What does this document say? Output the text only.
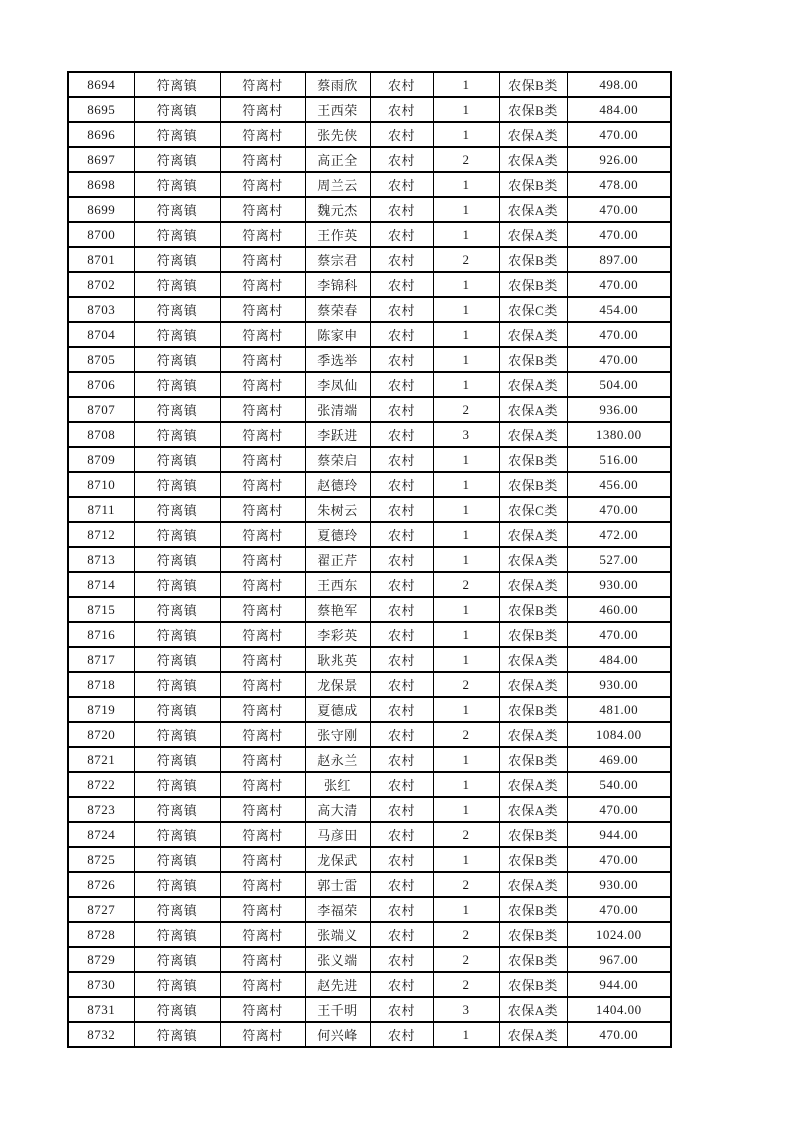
8694	符离镇	符离村	蔡雨欣	农村	1	农保B类	498.00
8695	符离镇	符离村	王西荣	农村	1	农保B类	484.00
8696	符离镇	符离村	张先侠	农村	1	农保A类	470.00
8697	符离镇	符离村	高正全	农村	2	农保A类	926.00
8698	符离镇	符离村	周兰云	农村	1	农保B类	478.00
8699	符离镇	符离村	魏元杰	农村	1	农保A类	470.00
8700	符离镇	符离村	王作英	农村	1	农保A类	470.00
8701	符离镇	符离村	蔡宗君	农村	2	农保B类	897.00
8702	符离镇	符离村	李锦科	农村	1	农保B类	470.00
8703	符离镇	符离村	蔡荣春	农村	1	农保C类	454.00
8704	符离镇	符离村	陈家申	农村	1	农保A类	470.00
8705	符离镇	符离村	季选举	农村	1	农保B类	470.00
8706	符离镇	符离村	李凤仙	农村	1	农保A类	504.00
8707	符离镇	符离村	张清端	农村	2	农保A类	936.00
8708	符离镇	符离村	李跃进	农村	3	农保A类	1380.00
8709	符离镇	符离村	蔡荣启	农村	1	农保B类	516.00
8710	符离镇	符离村	赵德玲	农村	1	农保B类	456.00
8711	符离镇	符离村	朱树云	农村	1	农保C类	470.00
8712	符离镇	符离村	夏德玲	农村	1	农保A类	472.00
8713	符离镇	符离村	翟正芹	农村	1	农保A类	527.00
8714	符离镇	符离村	王西东	农村	2	农保A类	930.00
8715	符离镇	符离村	蔡艳军	农村	1	农保B类	460.00
8716	符离镇	符离村	李彩英	农村	1	农保B类	470.00
8717	符离镇	符离村	耿兆英	农村	1	农保A类	484.00
8718	符离镇	符离村	龙保景	农村	2	农保A类	930.00
8719	符离镇	符离村	夏德成	农村	1	农保B类	481.00
8720	符离镇	符离村	张守刚	农村	2	农保A类	1084.00
8721	符离镇	符离村	赵永兰	农村	1	农保B类	469.00
8722	符离镇	符离村	张红	农村	1	农保A类	540.00
8723	符离镇	符离村	高大清	农村	1	农保A类	470.00
8724	符离镇	符离村	马彦田	农村	2	农保B类	944.00
8725	符离镇	符离村	龙保武	农村	1	农保B类	470.00
8726	符离镇	符离村	郭士雷	农村	2	农保A类	930.00
8727	符离镇	符离村	李福荣	农村	1	农保B类	470.00
8728	符离镇	符离村	张端义	农村	2	农保B类	1024.00
8729	符离镇	符离村	张义端	农村	2	农保B类	967.00
8730	符离镇	符离村	赵先进	农村	2	农保B类	944.00
8731	符离镇	符离村	王千明	农村	3	农保A类	1404.00
8732	符离镇	符离村	何兴峰	农村	1	农保A类	470.00
